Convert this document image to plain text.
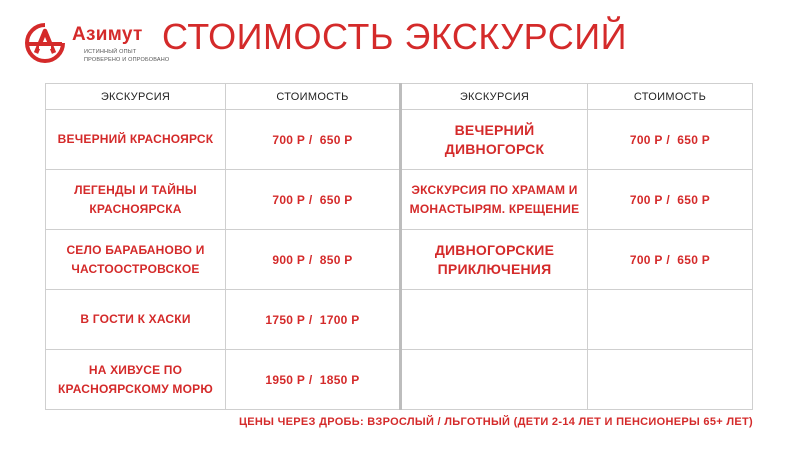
Азимут
ИСТИННЫЙ ОПЫТ
ПРОВЕРЕНО И ОПРОБОВАНО
СТОИМОСТЬ ЭКСКУРСИЙ
ЭКСКУРСИЯ	СТОИМОСТЬ	ЭКСКУРСИЯ	СТОИМОСТЬ
ВЕЧЕРНИЙ КРАСНОЯРСК	700 Р /  650 Р	ВЕЧЕРНИЙ ДИВНОГОРСК	700 Р /  650 Р
ЛЕГЕНДЫ И ТАЙНЫ КРАСНОЯРСКА	700 Р /  650 Р	ЭКСКУРСИЯ ПО ХРАМАМ И МОНАСТЫРЯМ. КРЕЩЕНИЕ	700 Р /  650 Р
СЕЛО БАРАБАНОВО И ЧАСТООСТРОВСКОЕ	900 Р /  850 Р	ДИВНОГОРСКИЕ ПРИКЛЮЧЕНИЯ	700 Р /  650 Р
В ГОСТИ К ХАСКИ	1750 Р /  1700 Р		
НА ХИВУСЕ ПО КРАСНОЯРСКОМУ МОРЮ	1950 Р /  1850 Р		
ЦЕНЫ ЧЕРЕЗ ДРОБЬ: ВЗРОСЛЫЙ / ЛЬГОТНЫЙ (ДЕТИ 2-14 ЛЕТ И ПЕНСИОНЕРЫ 65+ ЛЕТ)
